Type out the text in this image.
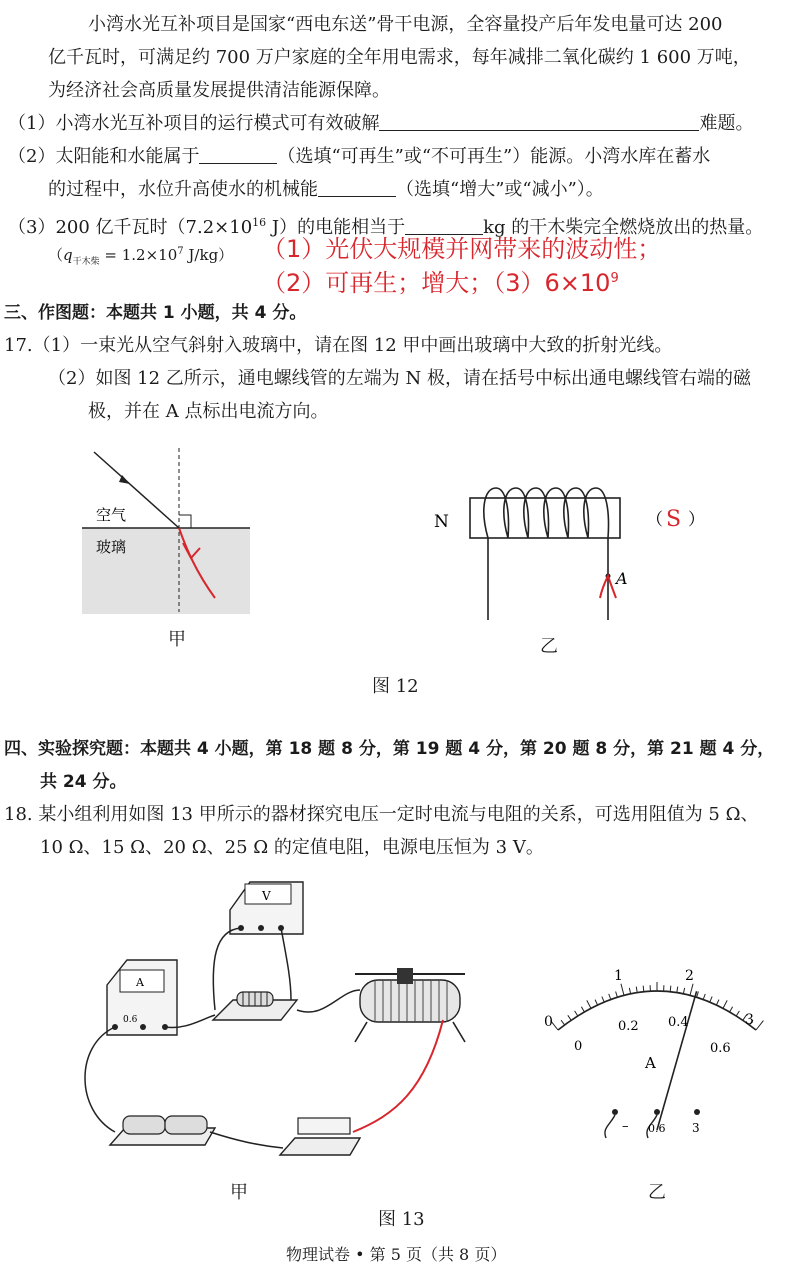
小湾水光互补项目是国家“西电东送”骨干电源，全容量投产后年发电量可达 200
亿千瓦时，可满足约 700 万户家庭的全年用电需求，每年减排二氧化碳约 1 600 万吨，
为经济社会高质量发展提供清洁能源保障。
（1）小湾水光互补项目的运行模式可有效破解	难题。
（2）太阳能和水能属于	（选填“可再生”或“不可再生”）能源。小湾水库在蓄水
的过程中，水位升高使水的机械能	（选填“增大”或“减小”）。
（3）200 亿千瓦时（$7.2\times 10^{16}$ J）的电能相当于	kg 的干木柴完全燃烧放出的热量。
（$q_{干木柴} = 1.2\times 10^7$ J/kg） （1）光伏大规模并网带来的波动性；
（2）可再生；增大；$(3)6\times 10^9$
三、作图题：本题共 1 小题，共 4 分。
17.（1）一束光从空气斜射入玻璃中，请在图 12 甲中画出玻璃中大致的折射光线。
（2）如图 12 乙所示，通电螺线管的左端为 N 极，请在括号中标出通电螺线管右端的磁
极，并在 A 点标出电流方向。
空气
玻璃
甲
N
A
（ S ）
乙
图 12
四、实验探究题：本题共 4 小题，第 18 题 8 分，第 19 题 4 分，第 20 题 8 分，第 21 题 4 分，
共 24 分。
18. 某小组利用如图 13 甲所示的器材探究电压一定时电流与电阻的关系，可选用阻值为 5 Ω、
10 Ω、15 Ω、20 Ω、25 Ω 的定值电阻，电源电压恒为 3 V。
V
A
0.6
甲
0
1	2
3
0
0.2 0.4
0.6
A
– 0.6 3
乙
图 13
物理试卷 • 第 5 页（共 8 页）
